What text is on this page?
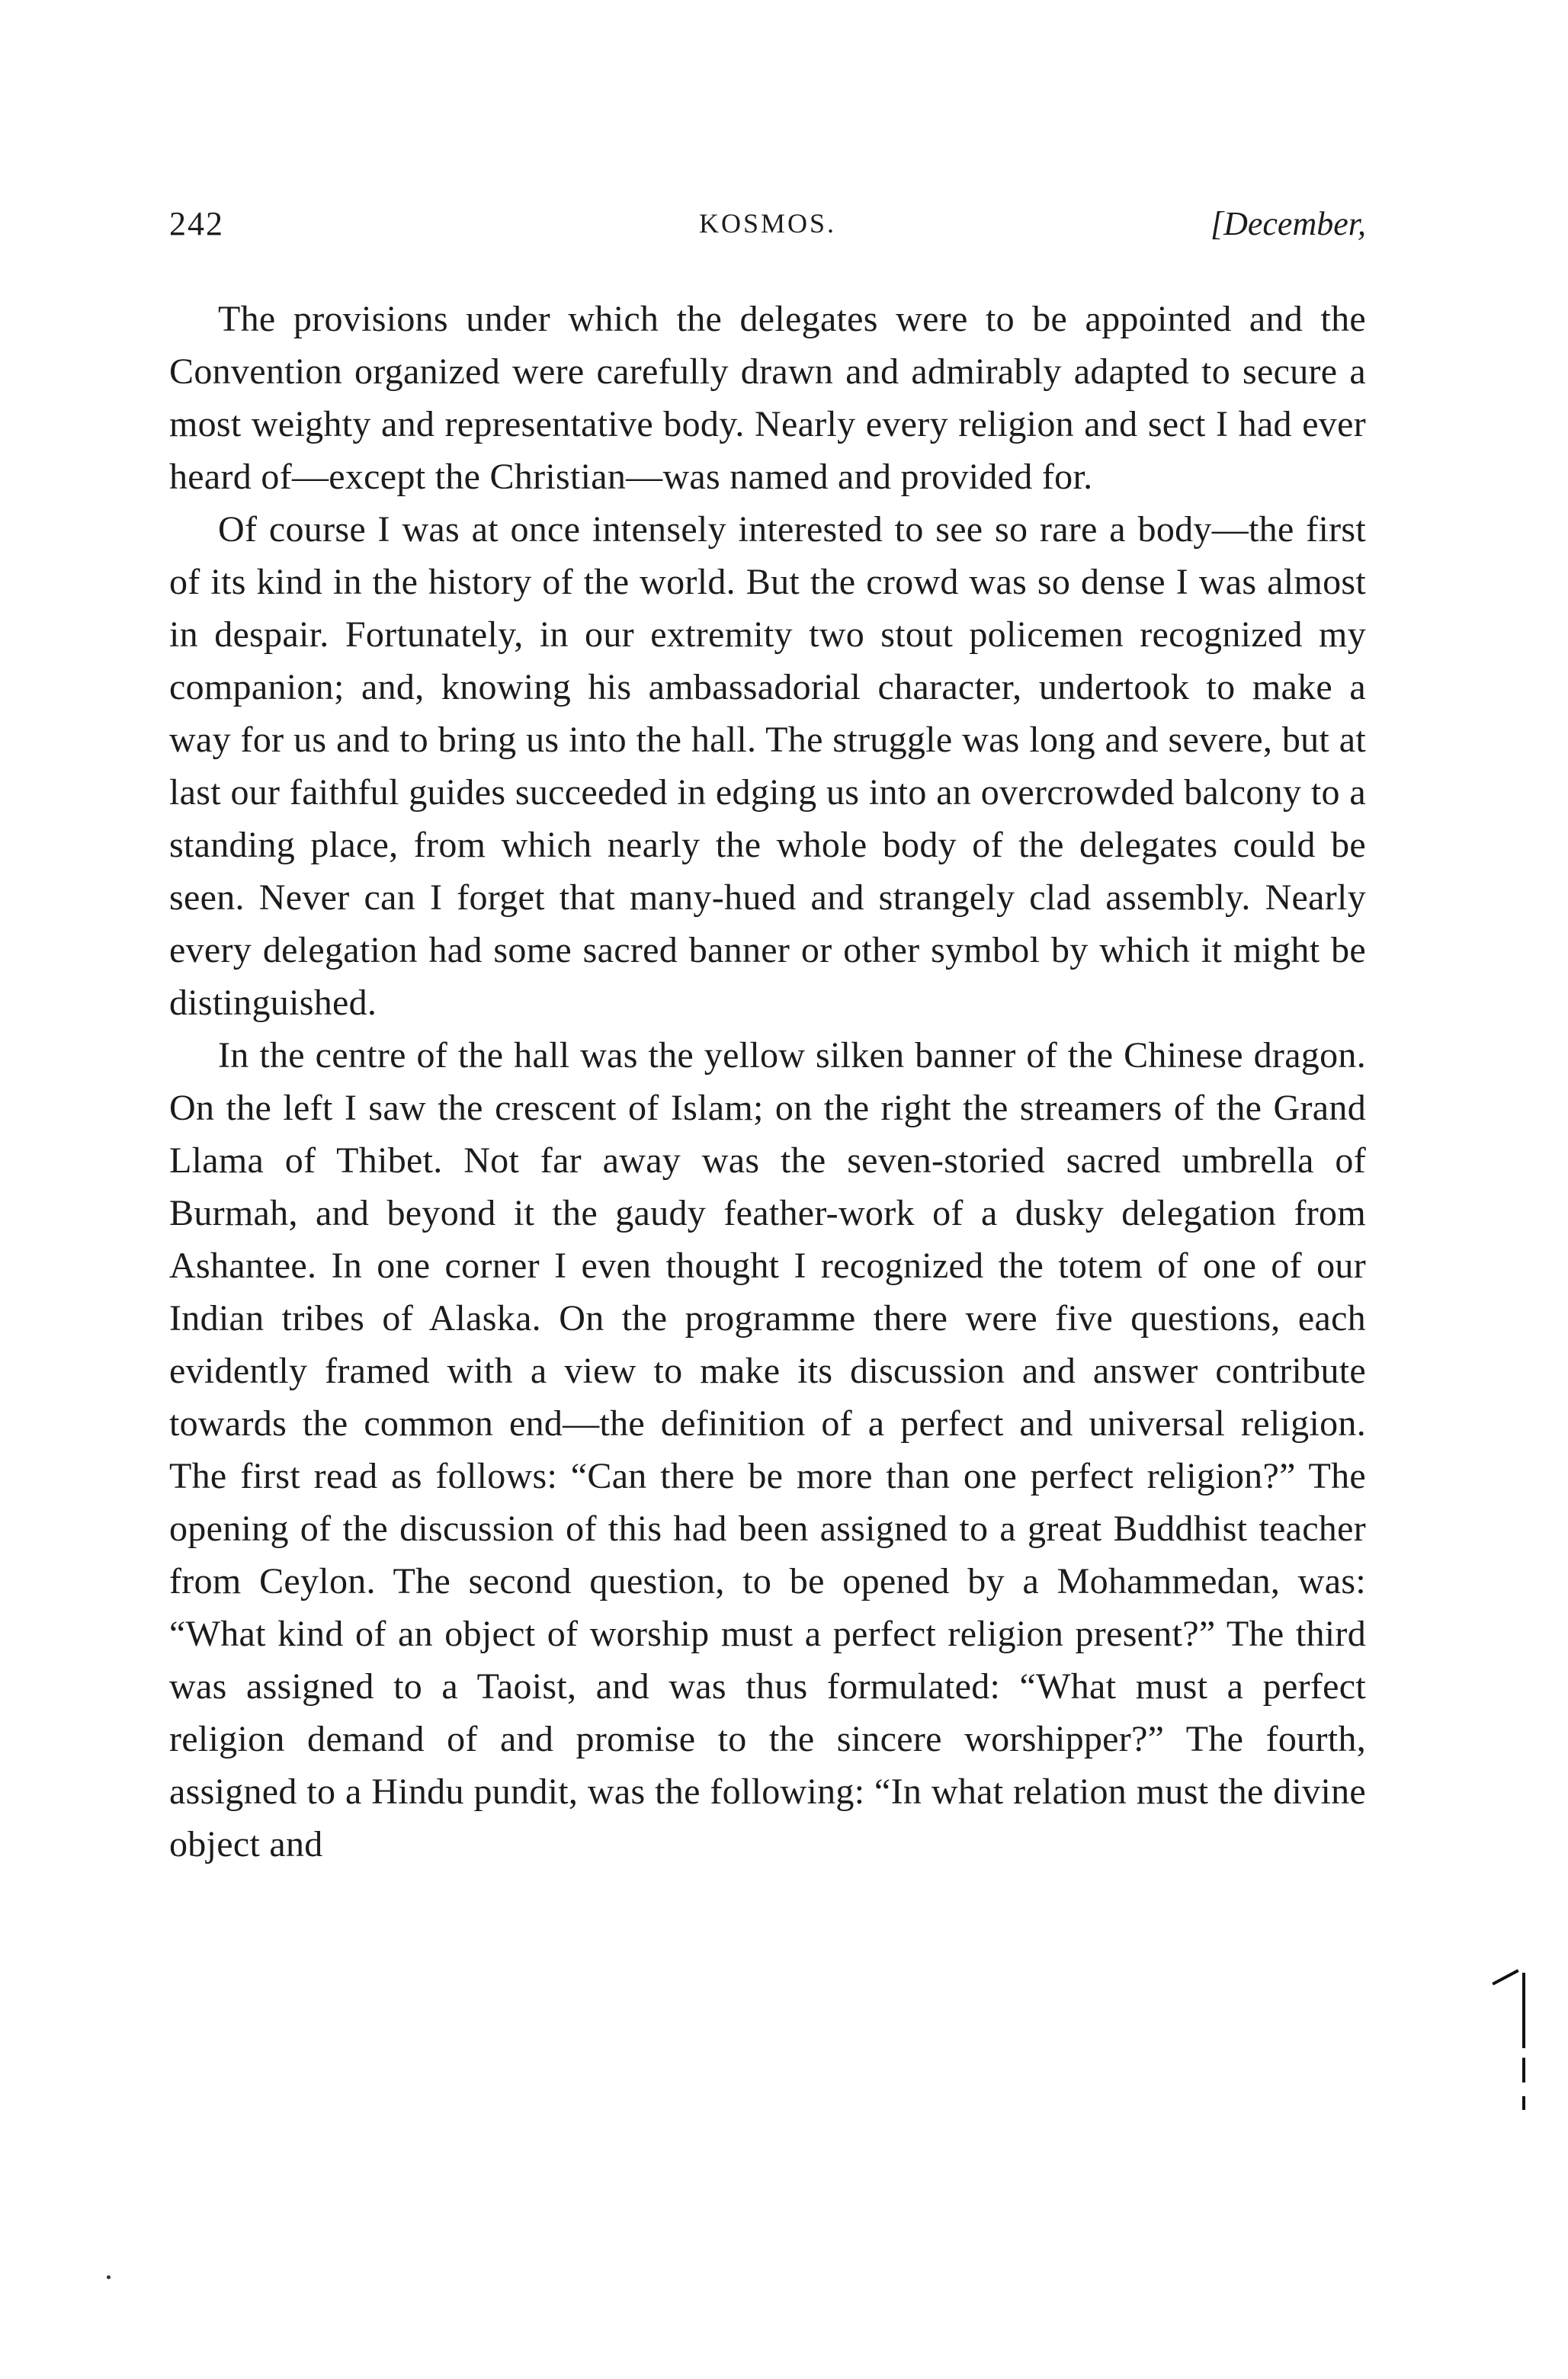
242	KOSMOS.	[December,

The provisions under which the delegates were to be appointed and the Convention organized were carefully drawn and admirably adapted to secure a most weighty and representative body. Nearly every religion and sect I had ever heard of—except the Christian—was named and provided for.

Of course I was at once intensely interested to see so rare a body—the first of its kind in the history of the world. But the crowd was so dense I was almost in despair. Fortunately, in our extremity two stout policemen recognized my companion; and, knowing his ambassadorial character, undertook to make a way for us and to bring us into the hall. The struggle was long and severe, but at last our faithful guides succeeded in edging us into an overcrowded balcony to a standing place, from which nearly the whole body of the delegates could be seen. Never can I forget that many-hued and strangely clad assembly. Nearly every delegation had some sacred banner or other symbol by which it might be distinguished.

In the centre of the hall was the yellow silken banner of the Chinese dragon. On the left I saw the crescent of Islam; on the right the streamers of the Grand Llama of Thibet. Not far away was the seven-storied sacred umbrella of Burmah, and beyond it the gaudy feather-work of a dusky delegation from Ashantee. In one corner I even thought I recognized the totem of one of our Indian tribes of Alaska. On the programme there were five questions, each evidently framed with a view to make its discussion and answer contribute towards the common end—the definition of a perfect and universal religion. The first read as follows: “Can there be more than one perfect religion?” The opening of the discussion of this had been assigned to a great Buddhist teacher from Ceylon. The second question, to be opened by a Mohammedan, was: “What kind of an object of worship must a perfect religion present?” The third was assigned to a Taoist, and was thus formulated: “What must a perfect religion demand of and promise to the sincere worshipper?” The fourth, assigned to a Hindu pundit, was the following: “In what relation must the divine object and
